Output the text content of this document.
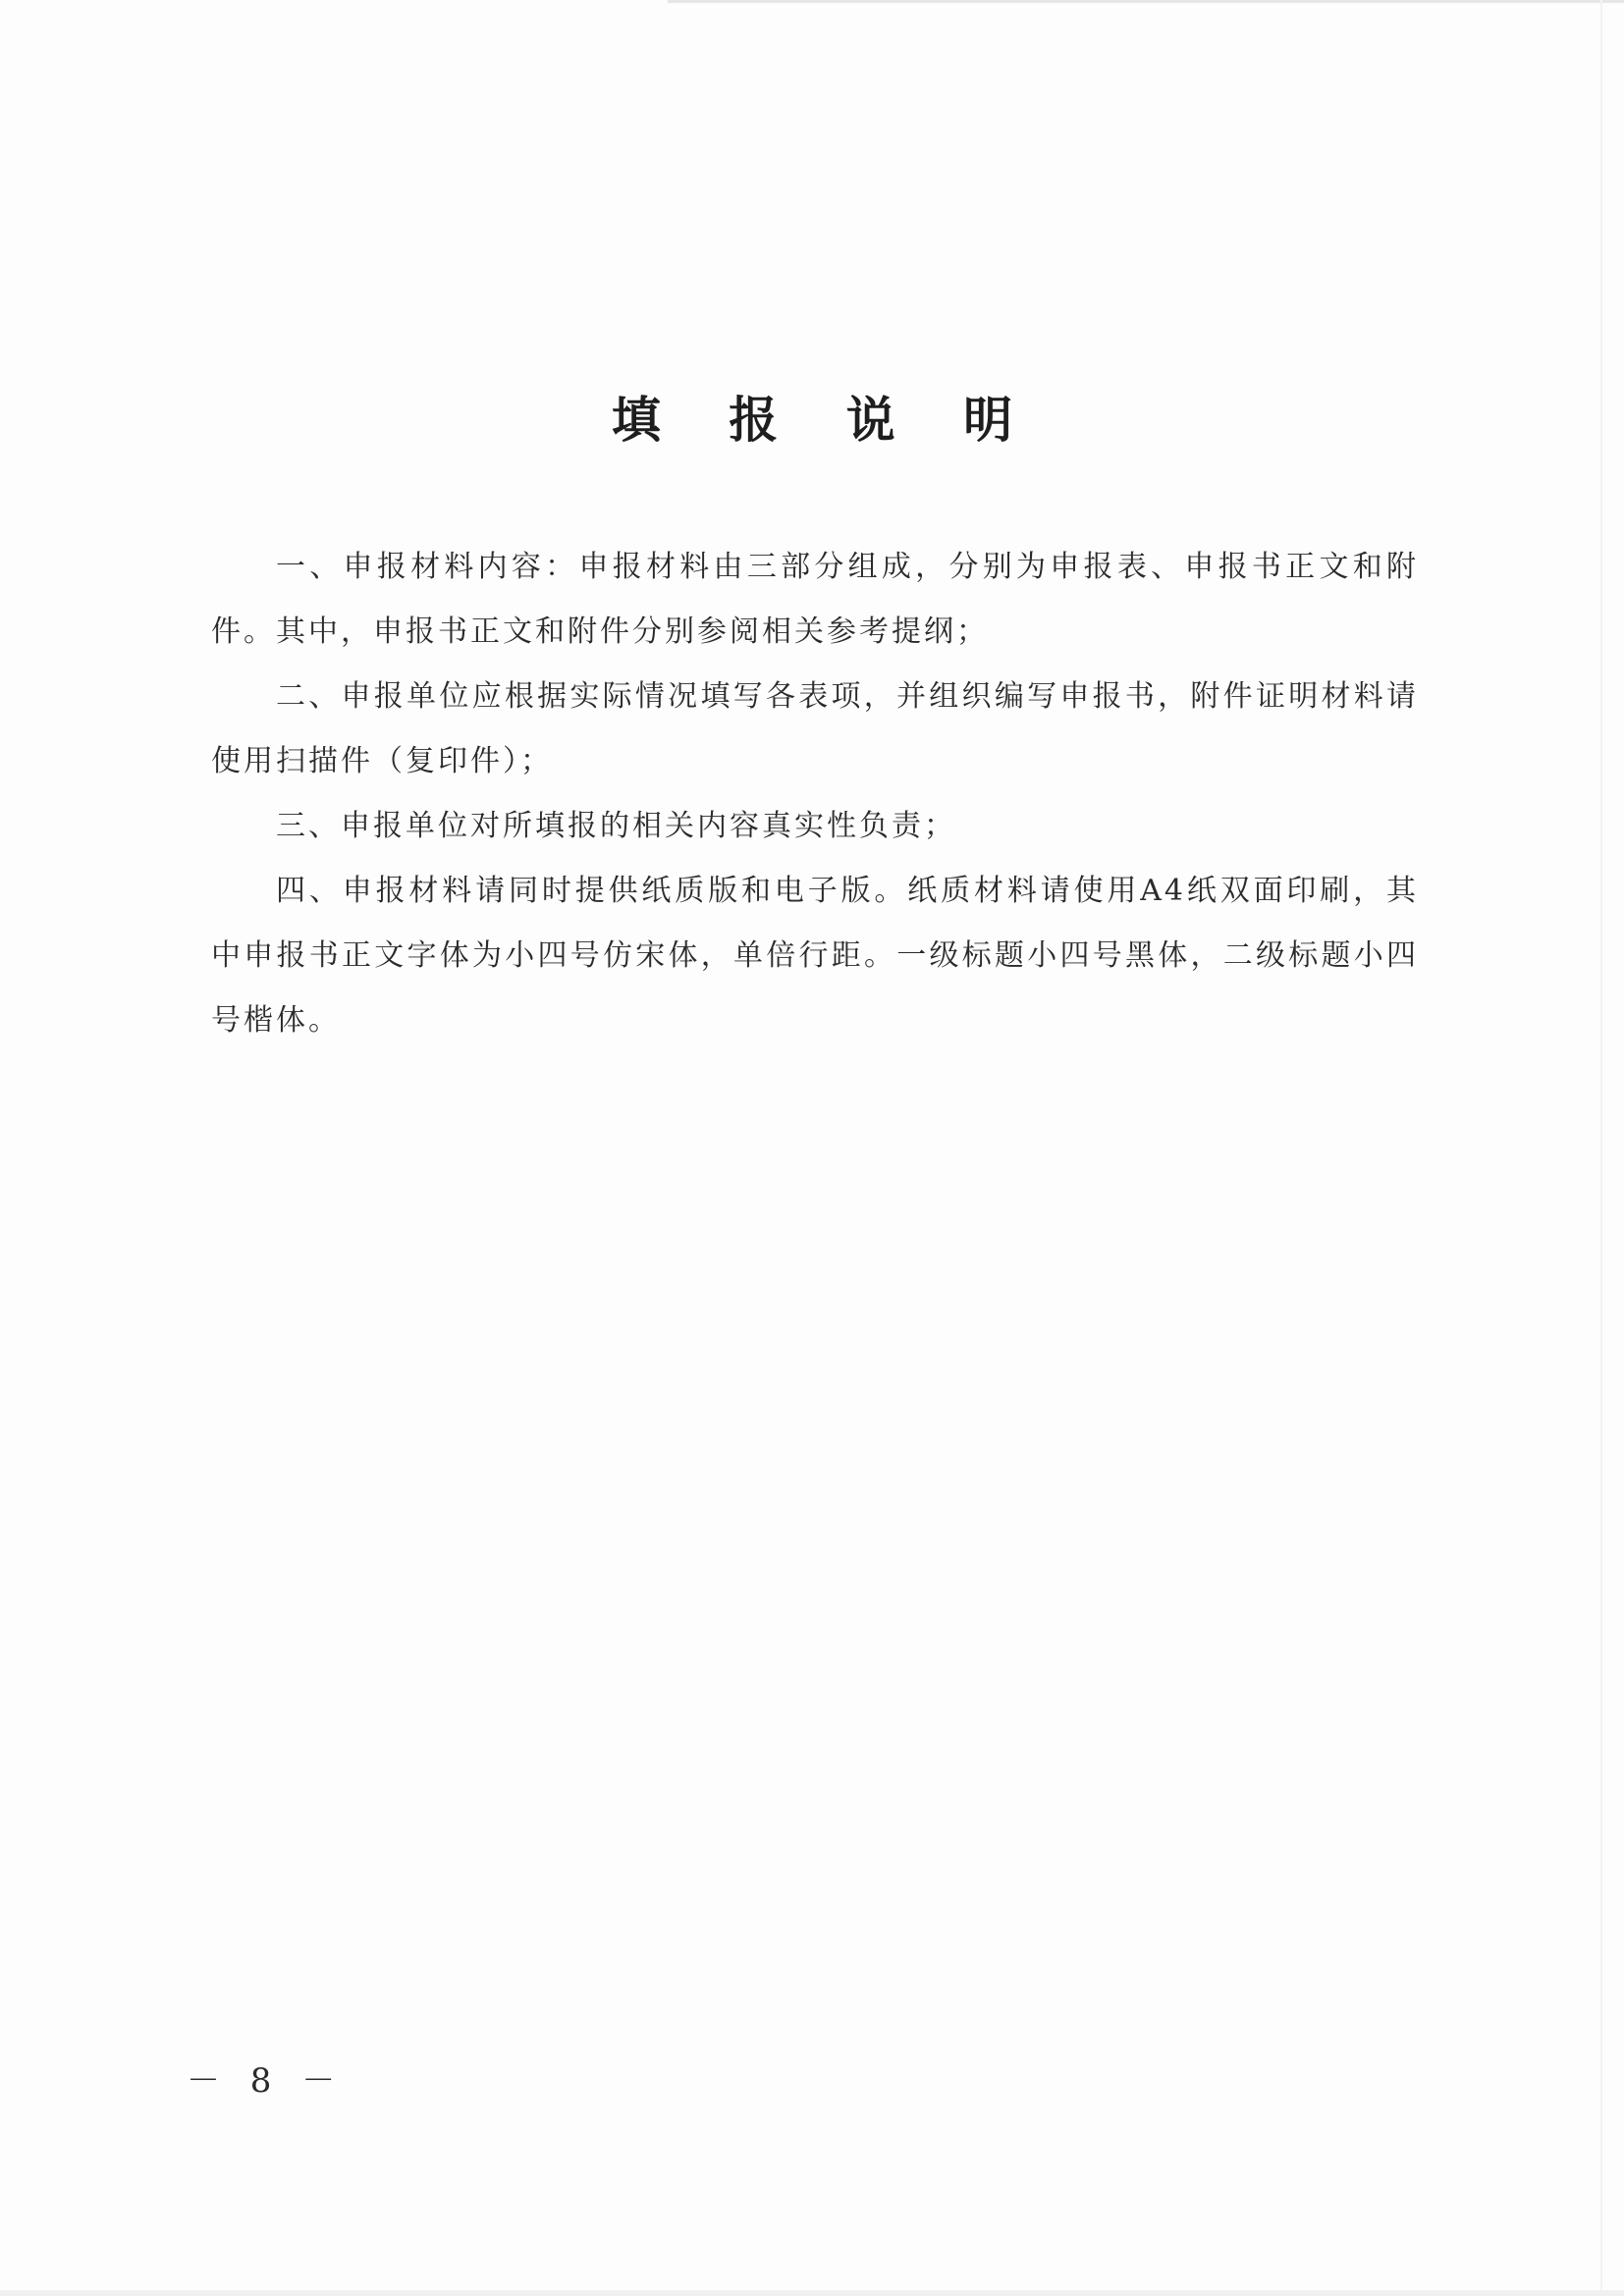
填 报 说 明

一、申报材料内容：申报材料由三部分组成，分别为申报表、申报书正文和附件。其中，申报书正文和附件分别参阅相关参考提纲；

二、申报单位应根据实际情况填写各表项，并组织编写申报书，附件证明材料请使用扫描件（复印件）；

三、申报单位对所填报的相关内容真实性负责；

四、申报材料请同时提供纸质版和电子版。纸质材料请使用A4纸双面印刷，其中申报书正文字体为小四号仿宋体，单倍行距。一级标题小四号黑体，二级标题小四号楷体。

－ 8 －
